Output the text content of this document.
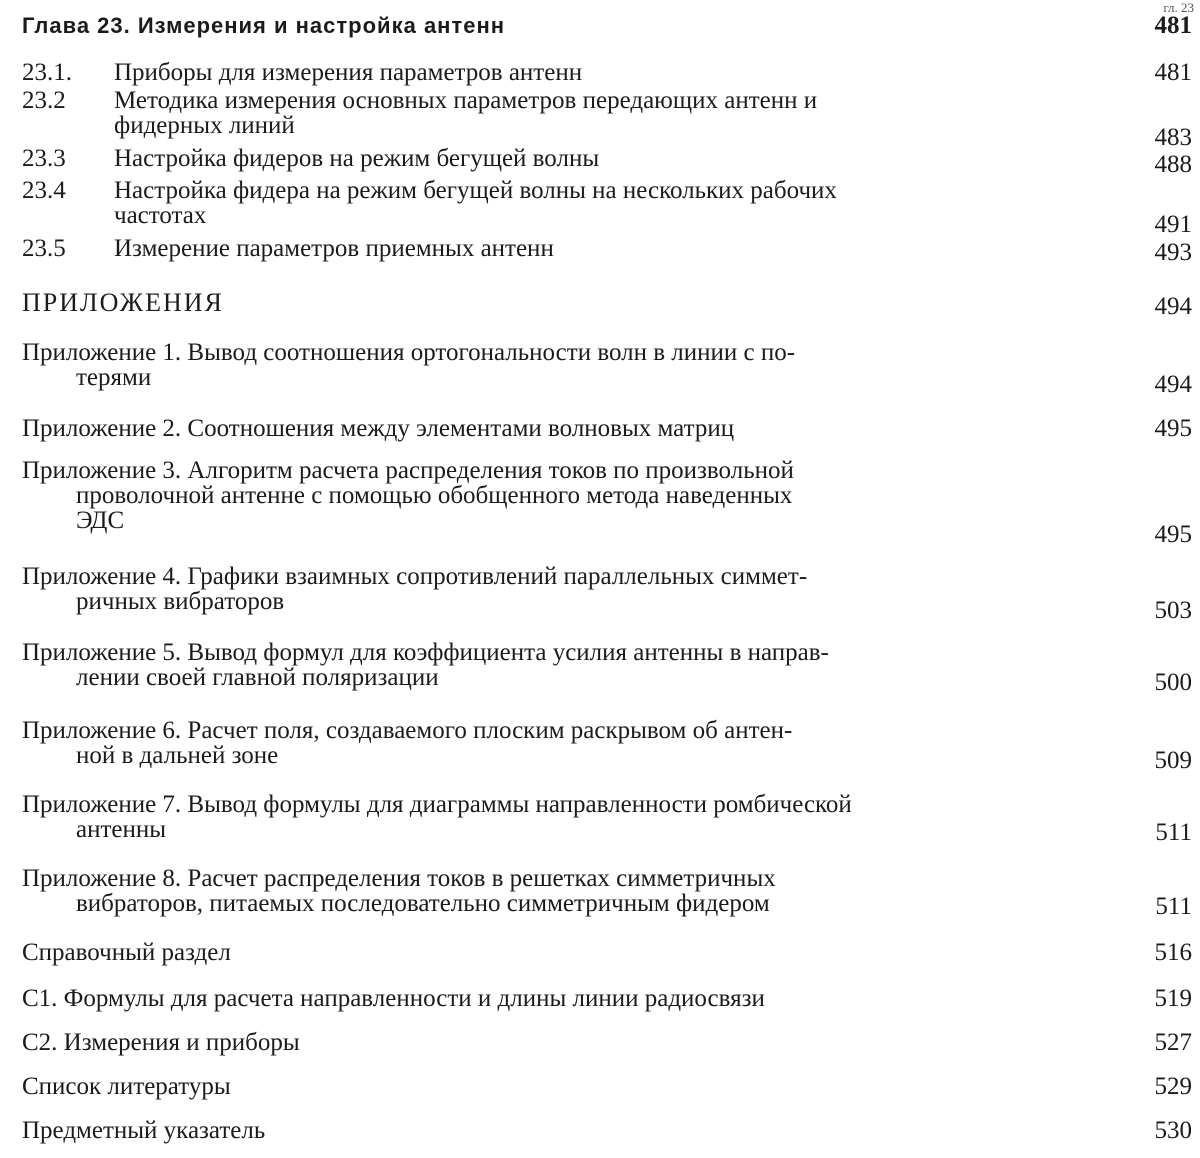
гл. 23
Глава 23. Измерения и настройка антенн	481
23.1. Приборы для измерения параметров антенн	481
23.2 Методика измерения основных параметров передающих антенн и
фидерных линий	483
23.3 Настройка фидеров на режим бегущей волны	488
23.4 Настройка фидера на режим бегущей волны на нескольких рабочих
частотах	491
23.5 Измерение параметров приемных антенн	493
ПРИЛОЖЕНИЯ	494
Приложение 1. Вывод соотношения ортогональности волн в линии с по-
терями	494
Приложение 2. Соотношения между элементами волновых матриц	495
Приложение 3. Алгоритм расчета распределения токов по произвольной
проволочной антенне с помощью обобщенного метода наведенных
ЭДС
495
Приложение 4. Графики взаимных сопротивлений параллельных симмет-
ричных вибраторов	503
Приложение 5. Вывод формул для коэффициента усилия антенны в направ-
лении своей главной поляризации	500
Приложение 6. Расчет поля, создаваемого плоским раскрывом об антен-
ной в дальней зоне	509
Приложение 7. Вывод формулы для диаграммы направленности ромбической
антенны	511
Приложение 8. Расчет распределения токов в решетках симметричных
вибраторов, питаемых последовательно симметричным фидером	511
Справочный раздел	516
С1. Формулы для расчета направленности и длины линии радиосвязи	519
С2. Измерения и приборы	527
Список литературы	529
Предметный указатель	530
